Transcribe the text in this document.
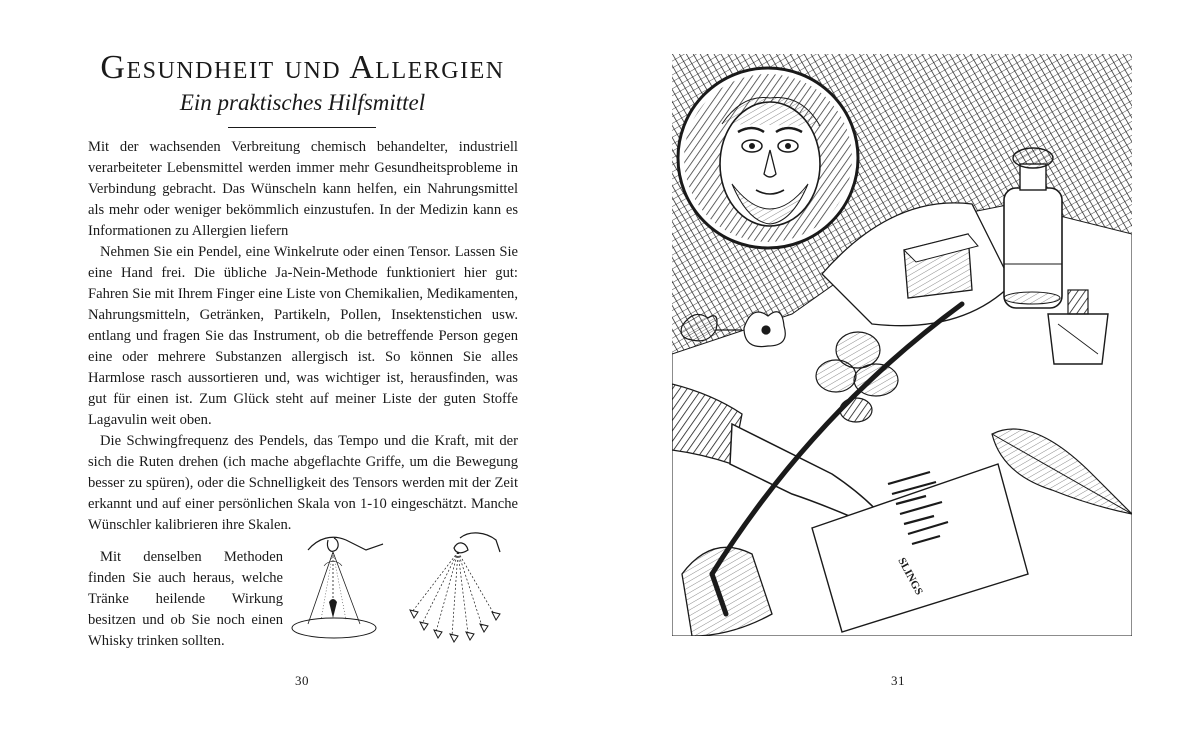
Gesundheit und Allergien
Ein praktisches Hilfsmittel

Mit der wachsenden Verbreitung chemisch behandelter, industriell verarbeiteter Lebensmittel werden immer mehr Gesundheitsprobleme in Verbindung gebracht. Das Wünscheln kann helfen, ein Nahrungsmittel als mehr oder weniger bekömmlich einzustufen. In der Medizin kann es Informationen zu Allergien liefern

Nehmen Sie ein Pendel, eine Winkelrute oder einen Tensor. Lassen Sie eine Hand frei. Die übliche Ja-Nein-Methode funktioniert hier gut: Fahren Sie mit Ihrem Finger eine Liste von Chemikalien, Medikamenten, Nahrungsmitteln, Getränken, Partikeln, Pollen, Insektenstichen usw. entlang und fragen Sie das Instrument, ob die betreffende Person gegen eine oder mehrere Substanzen allergisch ist. So können Sie alles Harmlose rasch aussortieren und, was wichtiger ist, herausfinden, was gut für einen ist. Zum Glück steht auf meiner Liste der guten Stoffe Lagavulin weit oben.

Die Schwingfrequenz des Pendels, das Tempo und die Kraft, mit der sich die Ruten drehen (ich mache abgeflachte Griffe, um die Bewegung besser zu spüren), oder die Schnelligkeit des Tensors werden mit der Zeit erkannt und auf einer persönlichen Skala von 1-10 eingeschätzt. Manche Wünschler kalibrieren ihre Skalen.

Mit denselben Methoden finden Sie auch heraus, welche Tränke heilende Wirkung besitzen und ob Sie noch einen Whisky trinken sollten.

30
SLINGS
31
